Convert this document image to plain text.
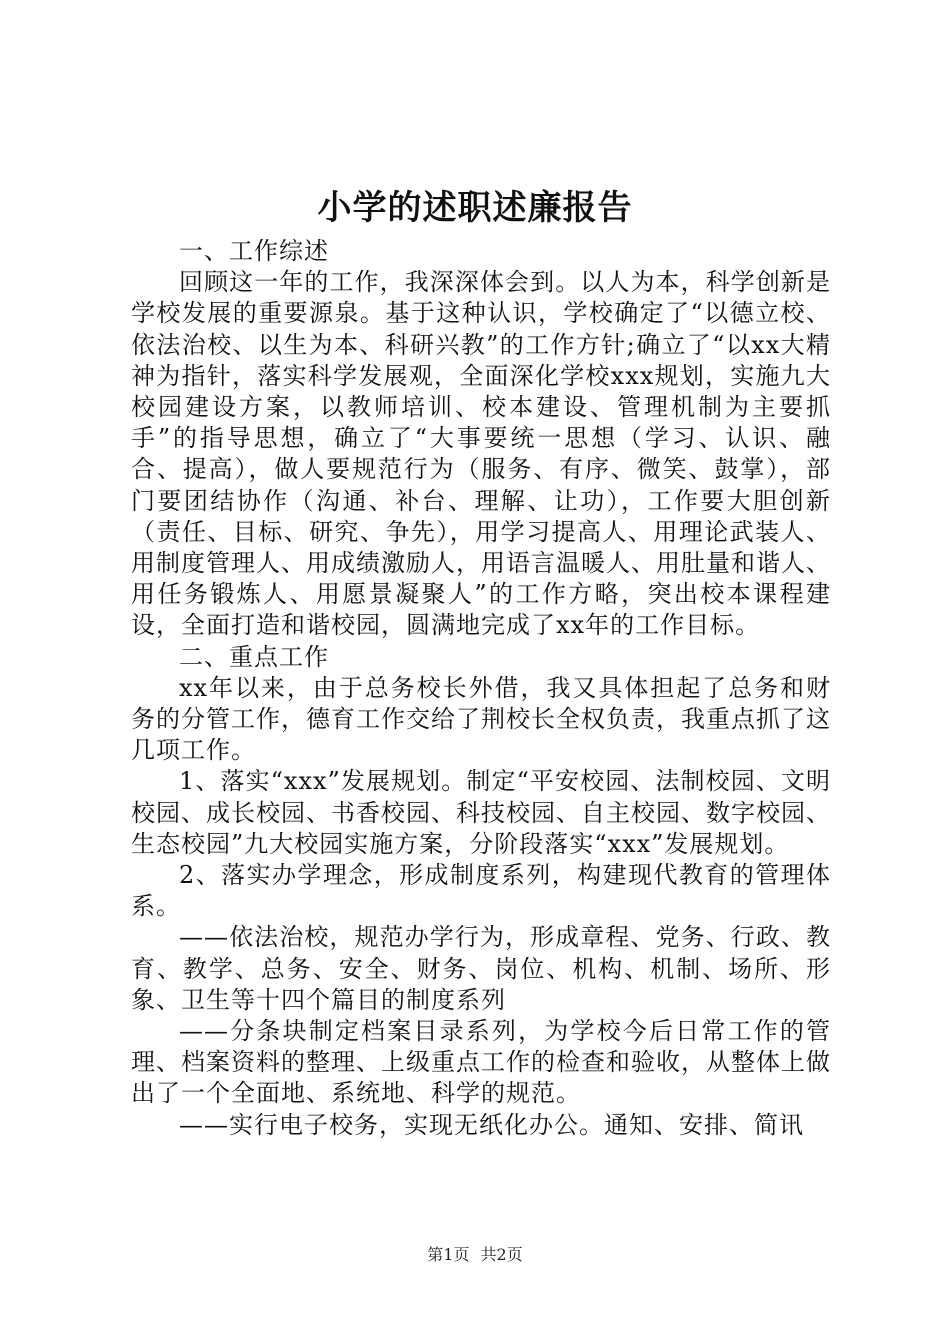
小学的述职述廉报告

一、工作综述

回顾这一年的工作，我深深体会到。以人为本，科学创新是学校发展的重要源泉。基于这种认识，学校确定了“以德立校、依法治校、以生为本、科研兴教”的工作方针;确立了“以xx大精神为指针，落实科学发展观，全面深化学校xxx规划，实施九大校园建设方案，以教师培训、校本建设、管理机制为主要抓手”的指导思想，确立了“大事要统一思想（学习、认识、融合、提高），做人要规范行为（服务、有序、微笑、鼓掌），部门要团结协作（沟通、补台、理解、让功），工作要大胆创新（责任、目标、研究、争先），用学习提高人、用理论武装人、用制度管理人、用成绩激励人，用语言温暖人、用肚量和谐人、用任务锻炼人、用愿景凝聚人”的工作方略，突出校本课程建设，全面打造和谐校园，圆满地完成了xx年的工作目标。

二、重点工作

xx年以来，由于总务校长外借，我又具体担起了总务和财务的分管工作，德育工作交给了荆校长全权负责，我重点抓了这几项工作。

1、落实“xxx”发展规划。制定“平安校园、法制校园、文明校园、成长校园、书香校园、科技校园、自主校园、数字校园、生态校园”九大校园实施方案，分阶段落实“xxx”发展规划。

2、落实办学理念，形成制度系列，构建现代教育的管理体系。

——依法治校，规范办学行为，形成章程、党务、行政、教育、教学、总务、安全、财务、岗位、机构、机制、场所、形象、卫生等十四个篇目的制度系列

——分条块制定档案目录系列，为学校今后日常工作的管理、档案资料的整理、上级重点工作的检查和验收，从整体上做出了一个全面地、系统地、科学的规范。

——实行电子校务，实现无纸化办公。通知、安排、简讯

第1页 共2页
